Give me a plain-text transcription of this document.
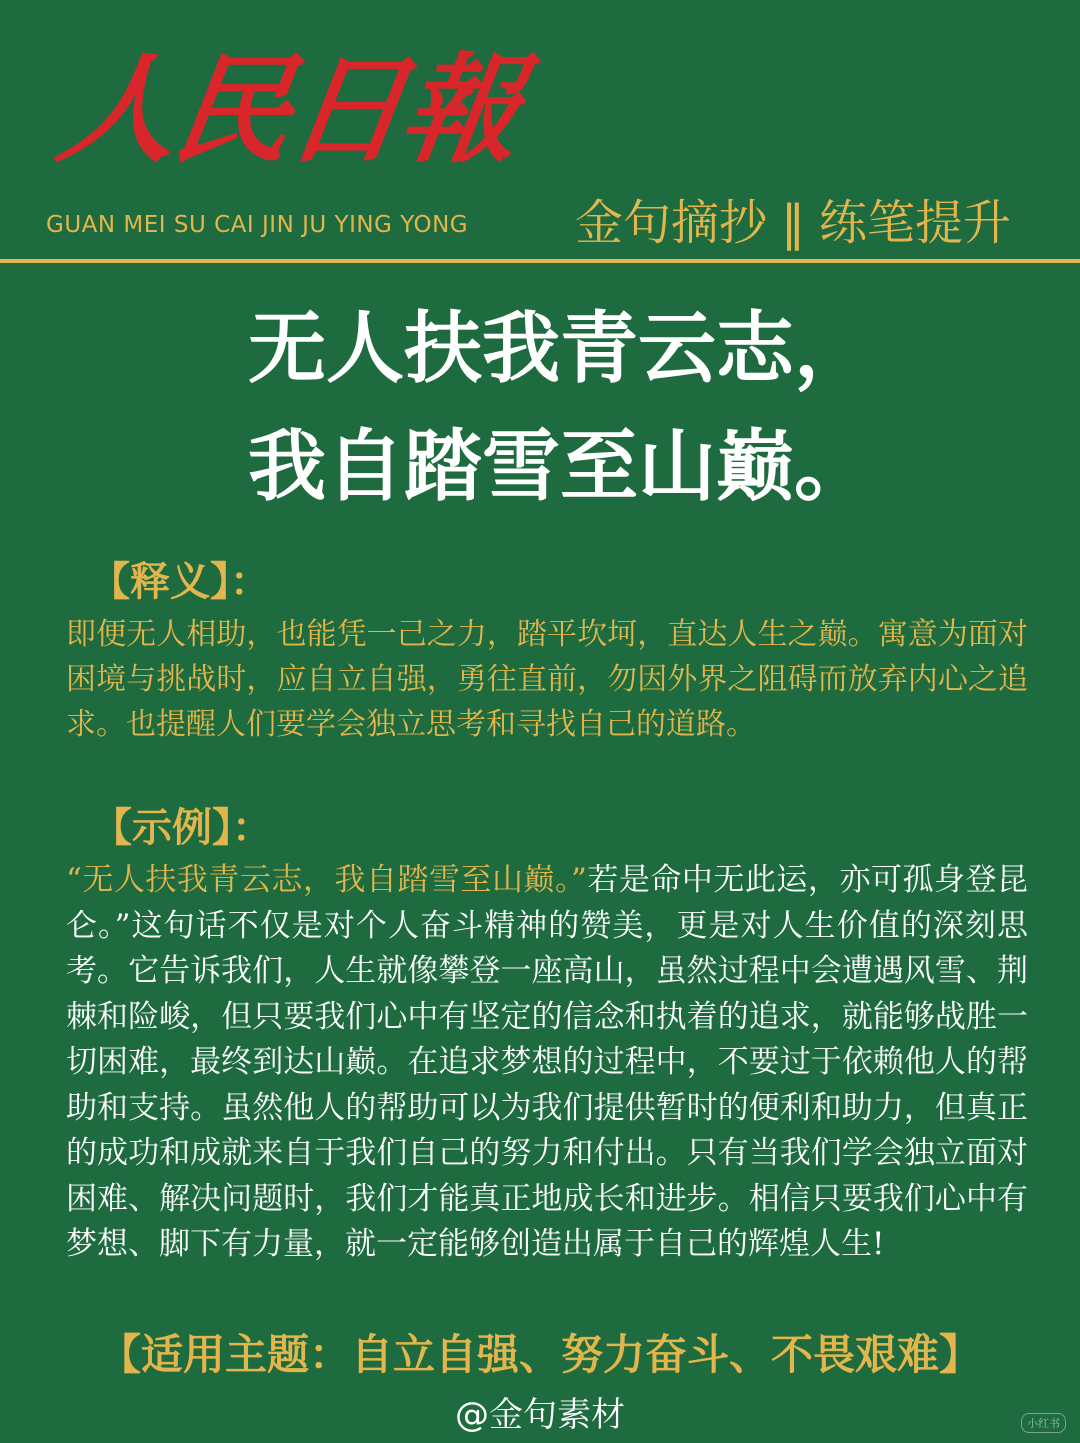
人民日報
GUAN MEI SU CAI JIN JU YING YONG 金句摘抄 ‖ 练笔提升
无人扶我青云志，
我自踏雪至山巅。
【释义】：
即便无人相助，也能凭一己之力，踏平坎坷，直达人生之巅。寓意为面对困境与挑战时，应自立自强，勇往直前，勿因外界之阻碍而放弃内心之追求。也提醒人们要学会独立思考和寻找自己的道路。
【示例】：
“无人扶我青云志，我自踏雪至山巅。”若是命中无此运，亦可孤身登昆仑。”这句话不仅是对个人奋斗精神的赞美，更是对人生价值的深刻思考。它告诉我们，人生就像攀登一座高山，虽然过程中会遭遇风雪、荆棘和险峻，但只要我们心中有坚定的信念和执着的追求，就能够战胜一切困难，最终到达山巅。在追求梦想的过程中，不要过于依赖他人的帮助和支持。虽然他人的帮助可以为我们提供暂时的便利和助力，但真正的成功和成就来自于我们自己的努力和付出。只有当我们学会独立面对困难、解决问题时，我们才能真正地成长和进步。相信只要我们心中有梦想、脚下有力量，就一定能够创造出属于自己的辉煌人生!
【适用主题：自立自强、努力奋斗、不畏艰难】
@金句素材	小红书
